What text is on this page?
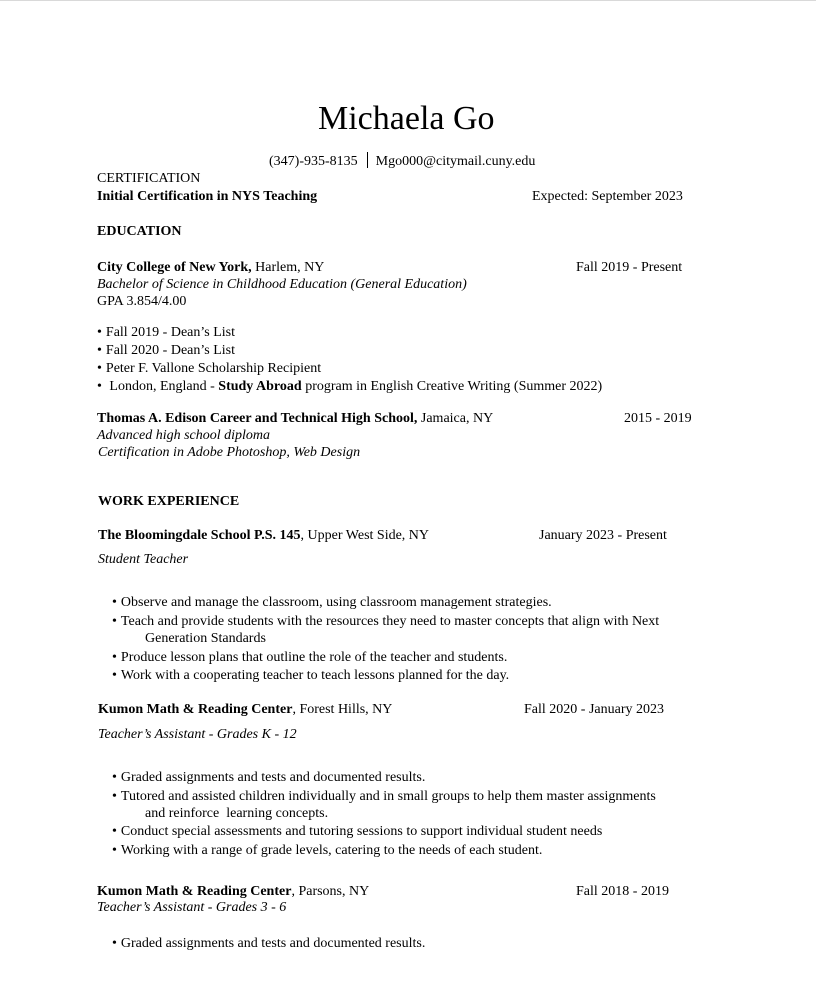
Michaela Go
(347)-935-8135 Mgo000@citymail.cuny.edu
CERTIFICATION
Initial Certification in NYS Teaching	Expected: September 2023
EDUCATION
City College of New York, Harlem, NY	Fall 2019 - Present
Bachelor of Science in Childhood Education (General Education)
GPA 3.854/4.00
• Fall 2019 - Dean’s List
• Fall 2020 - Dean’s List
• Peter F. Vallone Scholarship Recipient
• London, England - Study Abroad program in English Creative Writing (Summer 2022)
Thomas A. Edison Career and Technical High School, Jamaica, NY	2015 - 2019
Advanced high school diploma
Certification in Adobe Photoshop, Web Design
WORK EXPERIENCE
The Bloomingdale School P.S. 145, Upper West Side, NY	January 2023 - Present
Student Teacher
• Observe and manage the classroom, using classroom management strategies.
• Teach and provide students with the resources they need to master concepts that align with Next
Generation Standards
• Produce lesson plans that outline the role of the teacher and students.
• Work with a cooperating teacher to teach lessons planned for the day.
Kumon Math & Reading Center, Forest Hills, NY	Fall 2020 - January 2023
Teacher’s Assistant - Grades K - 12
• Graded assignments and tests and documented results.
• Tutored and assisted children individually and in small groups to help them master assignments
and reinforce  learning concepts.
• Conduct special assessments and tutoring sessions to support individual student needs
• Working with a range of grade levels, catering to the needs of each student.
Kumon Math & Reading Center, Parsons, NY	Fall 2018 - 2019
Teacher’s Assistant - Grades 3 - 6
• Graded assignments and tests and documented results.
